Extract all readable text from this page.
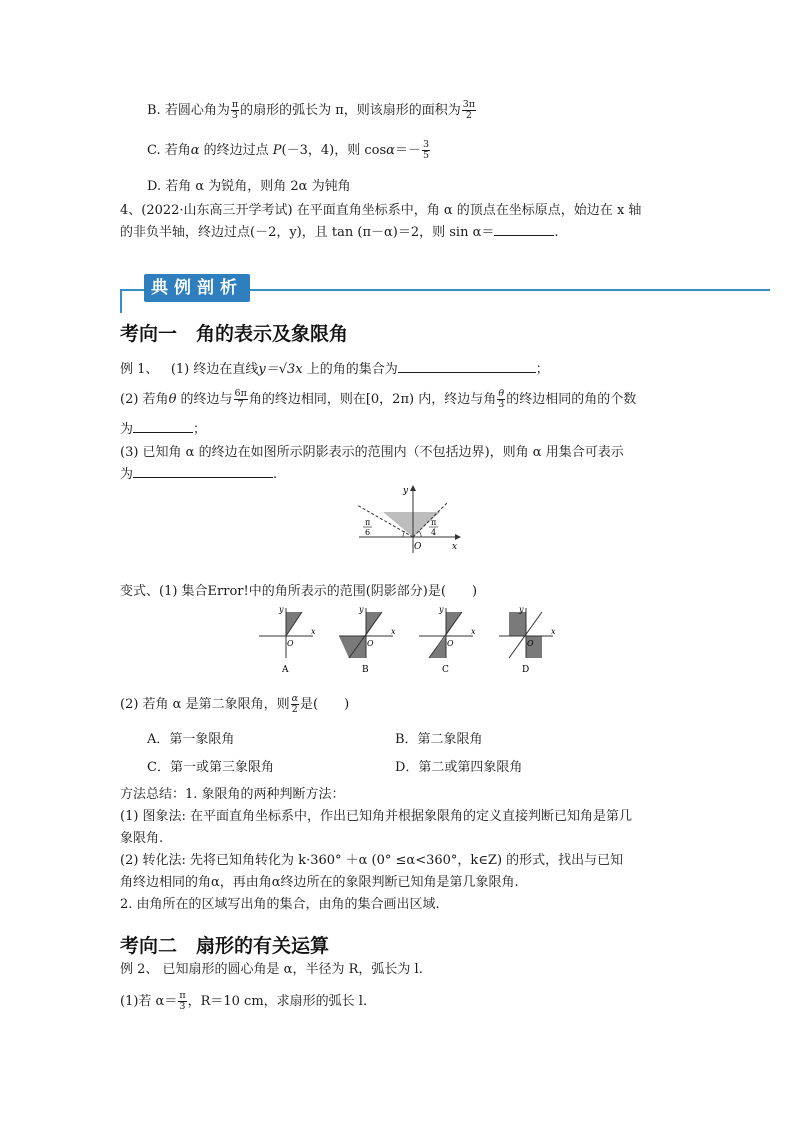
B. 若圆心角为 $\frac{\pi}{3}$ 的扇形的弧长为 π，则该扇形的面积为 $\frac{3\pi}{2}$
C. 若角α 的终边过点 P(－3，4)，则 $\cos\alpha=- \frac{3}{5}$
D. 若角 α 为锐角，则角 2α 为钝角
4、(2022·山东高三开学考试) 在平面直角坐标系中，角 α 的顶点在坐标原点，始边在 x 轴
的非负半轴，终边过点(－2，y)，且 tan (π－α)＝2，则 sin α＝	.
典例剖析
考向一　角的表示及象限角
例 1、 (1) 终边在直线y＝√3x 上的角的集合为	；
(2) 若角θ 的终边与 $\frac{6\pi}{7}$ 角的终边相同，则在[0，2π) 内，终边与角 $\frac{\theta}{3}$ 的终边相同的角的个数
为	；
(3) 已知角 α 的终边在如图所示阴影表示的范围内（不包括边界)，则角 α 用集合可表示
为	.
y
x
O
π
6
π
4
变式、(1) 集合Error!中的角所表示的范围(阴影部分)是(　　)
y
x
O
A
y
x
O
B
y
x
O
C
y
x
O
D
(2) 若角 α 是第二象限角，则 $\frac{\alpha}{2}$ 是(　　)
A．第一象限角	B．第二象限角
C．第一或第三象限角	D．第二或第四象限角
方法总结：1. 象限角的两种判断方法：
(1) 图象法: 在平面直角坐标系中，作出已知角并根据象限角的定义直接判断已知角是第几
象限角.
(2) 转化法: 先将已知角转化为 k·360° ＋α (0° ≤α<360°，k∈Z) 的形式，找出与已知
角终边相同的角α，再由角α终边所在的象限判断已知角是第几象限角.
2. 由角所在的区域写出角的集合，由角的集合画出区域.
考向二　扇形的有关运算
例 2、 已知扇形的圆心角是 α，半径为 R，弧长为 l.
(1)若 $\alpha= \frac{\pi}{3}$ ，R＝10 cm，求扇形的弧长 l.
